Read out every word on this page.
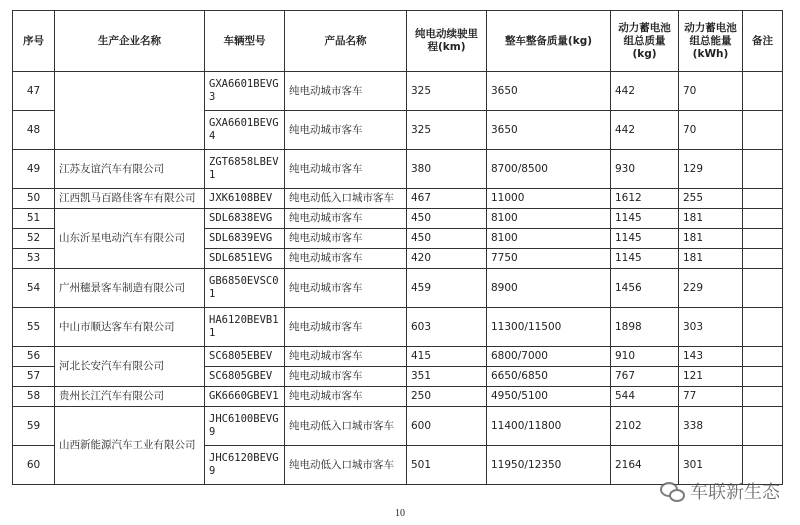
序号	生产企业名称	车辆型号	产品名称	纯电动续驶里程(km)	整车整备质量(kg)	动力蓄电池组总质量(kg)	动力蓄电池组总能量(kWh)	备注
47		GXA6601BEVG3	纯电动城市客车	325	3650	442	70	
48		GXA6601BEVG4	纯电动城市客车	325	3650	442	70	
49	江苏友谊汽车有限公司	ZGT6858LBEV1	纯电动城市客车	380	8700/8500	930	129	
50	江西凯马百路佳客车有限公司	JXK6108BEV	纯电动低入口城市客车	467	11000	1612	255	
51	山东沂星电动汽车有限公司	SDL6838EVG	纯电动城市客车	450	8100	1145	181	
52		SDL6839EVG	纯电动城市客车	450	8100	1145	181	
53		SDL6851EVG	纯电动城市客车	420	7750	1145	181	
54	广州穗景客车制造有限公司	GB6850EVSC01	纯电动城市客车	459	8900	1456	229	
55	中山市顺达客车有限公司	HA6120BEVB11	纯电动城市客车	603	11300/11500	1898	303	
56	河北长安汽车有限公司	SC6805EBEV	纯电动城市客车	415	6800/7000	910	143	
57		SC6805GBEV	纯电动城市客车	351	6650/6850	767	121	
58	贵州长江汽车有限公司	GK6660GBEV1	纯电动城市客车	250	4950/5100	544	77	
59	山西新能源汽车工业有限公司	JHC6100BEVG9	纯电动低入口城市客车	600	11400/11800	2102	338	
60		JHC6120BEVG9	纯电动低入口城市客车	501	11950/12350	2164	301	
车联新生态
10
